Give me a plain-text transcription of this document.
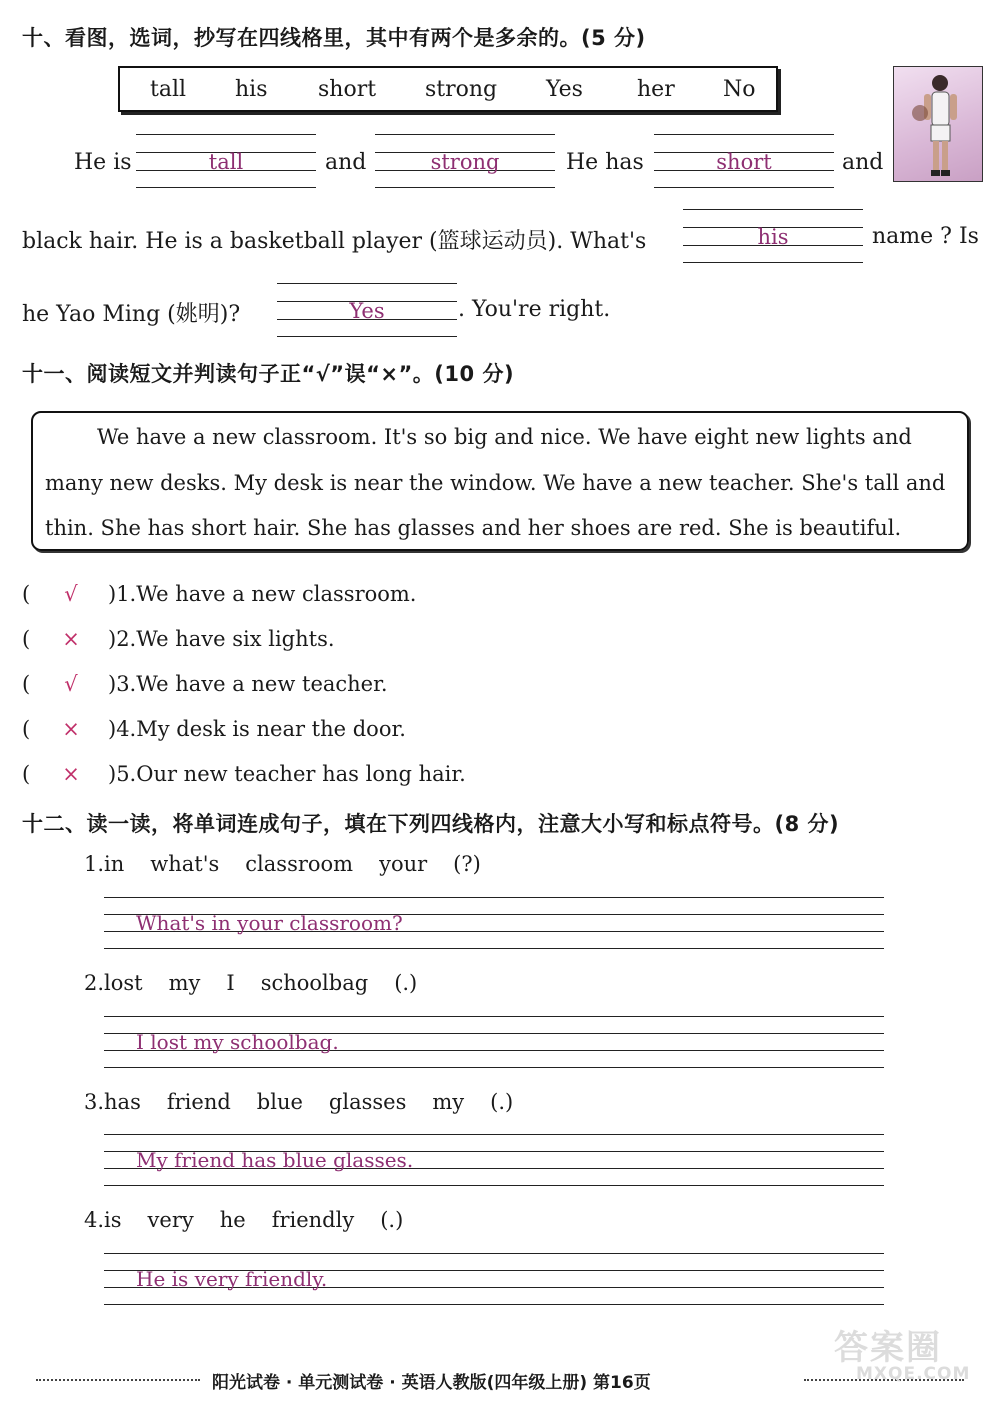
十、看图，选词，抄写在四线格里，其中有两个是多余的。(5 分)
tall his short strong Yes her No
He is	tall	and	strong	He has	short	and
black hair. He is a basketball player (篮球运动员). What's	his	name ? Is
he Yao Ming (姚明)?	Yes	. You're right.
十一、阅读短文并判读句子正“√”误“×”。(10 分)

We have a new classroom. It's so big and nice. We have eight new lights and

many new desks. My desk is near the window. We have a new teacher. She's tall and

thin. She has short hair. She has glasses and her shoes are red. She is beautiful.

( √	)1.We have a new classroom.
( × )2.We have six lights.
( √	)3.We have a new teacher.
( × )4.My desk is near the door.
( × )5.Our new teacher has long hair.
十二、读一读，将单词连成句子，填在下列四线格内，注意大小写和标点符号。(8 分)
1.in what's classroom your (?)
What's in your classroom?
2.lost my I schoolbag (.)
I lost my schoolbag.
3.has friend blue glasses my (.)
My friend has blue glasses.
4.is very he friendly (.)
He is very friendly.
阳光试卷 · 单元测试卷 · 英语人教版(四年级上册) 第16页
答案圈
MXQE.COM
